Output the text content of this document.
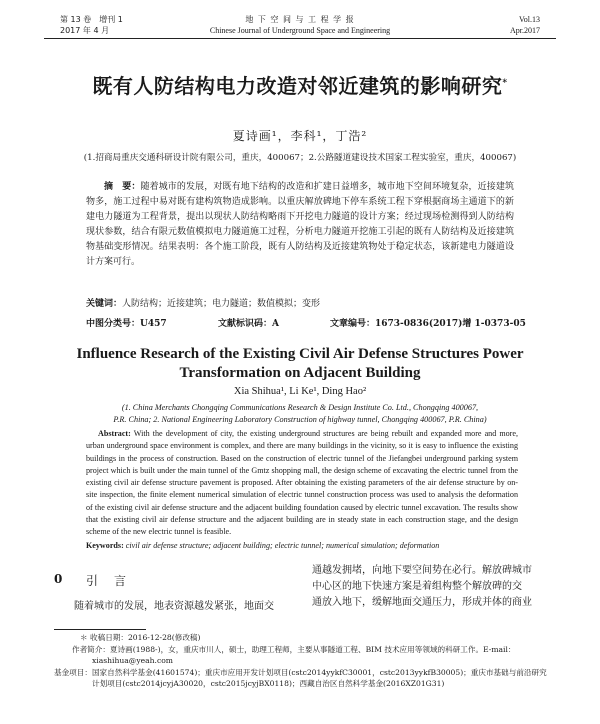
第 13 卷　增刊 1
2017 年 4 月
地 下 空 间 与 工 程 学 报
Chinese Journal of Underground Space and Engineering
Vol.13
Apr.2017
既有人防结构电力改造对邻近建筑的影响研究*
夏诗画¹，李科¹，丁浩²
(1.招商局重庆交通科研设计院有限公司，重庆，400067；2.公路隧道建设技术国家工程实验室，重庆，400067)
摘　要：随着城市的发展，对既有地下结构的改造和扩建日益增多，城市地下空间环境复杂，近接建筑物多，施工过程中易对既有建构筑物造成影响。以重庆解放碑地下停车系统工程下穿根据商场主通道下的新建电力隧道为工程背景，提出以现状人防结构略雨下开挖电力隧道的设计方案；经过现场检测得到人防结构现状参数，结合有限元数值模拟电力隧道施工过程，分析电力隧道开挖施工引起的既有人防结构及近接建筑物基础变形情况。结果表明：各个施工阶段，既有人防结构及近接建筑物处于稳定状态，该新建电力隧道设计方案可行。
关键词：人防结构；近接建筑；电力隧道；数值模拟；变形
中图分类号：U457	文献标识码：A	文章编号：1673-0836(2017)增 1-0373-05
Influence Research of the Existing Civil Air Defense Structures Power
Transformation on Adjacent Building
Xia Shihua¹, Li Ke¹, Ding Hao²
(1. China Merchants Chongqing Communications Research & Design Institute Co. Ltd., Chongqing 400067,
P.R. China; 2. National Engineering Laboratory Construction of highway tunnel, Chongqing 400067, P.R. China)
Abstract: With the development of city, the existing underground structures are being rebuilt and expanded more and more, urban underground space environment is complex, and there are many buildings in the vicinity, so it is easy to influence the existing buildings in the process of construction. Based on the construction of electric tunnel of the Jiefangbei underground parking system project which is built under the main tunnel of the Gmtz shopping mall, the design scheme of excavating the electric tunnel from the existing civil air defense structure pavement is proposed. After obtaining the existing parameters of the air defense structure by on-site inspection, the finite element numerical simulation of electric tunnel construction process was used to analysis the deformation of the existing civil air defense structure and the adjacent building foundation caused by electric tunnel excavation. The results show that the existing civil air defense structure and the adjacent building are in steady state in each construction stage, and the design scheme of the new electric tunnel is feasible.
Keywords: civil air defense structure; adjacent building; electric tunnel; numerical simulation; deformation
0 引　言
随着城市的发展，地表资源越发紧张，地面交
通越发拥堵，向地下要空间势在必行。解放碑城市
中心区的地下快速方案是着组构整个解放碑的交
通放入地下，缓解地面交通压力，形成并体的商业
＊ 收稿日期：2016-12-28(修改稿)
作者简介：夏诗画(1988-)，女，重庆市川人，硕士，助理工程师，主要从事隧道工程、BIM 技术应用等领域的科研工作。E-mail：xiashihua@yeah.com
基金项目：国家自然科学基金(41601574)；重庆市应用开发计划项目(cstc2014yykfC30001，cstc2013yykfB30005)；重庆市基础与前沿研究计划项目(cstc2014jcyjA30020，cstc2015jcyjBX0118)；西藏自治区自然科学基金(2016XZ01G31)
